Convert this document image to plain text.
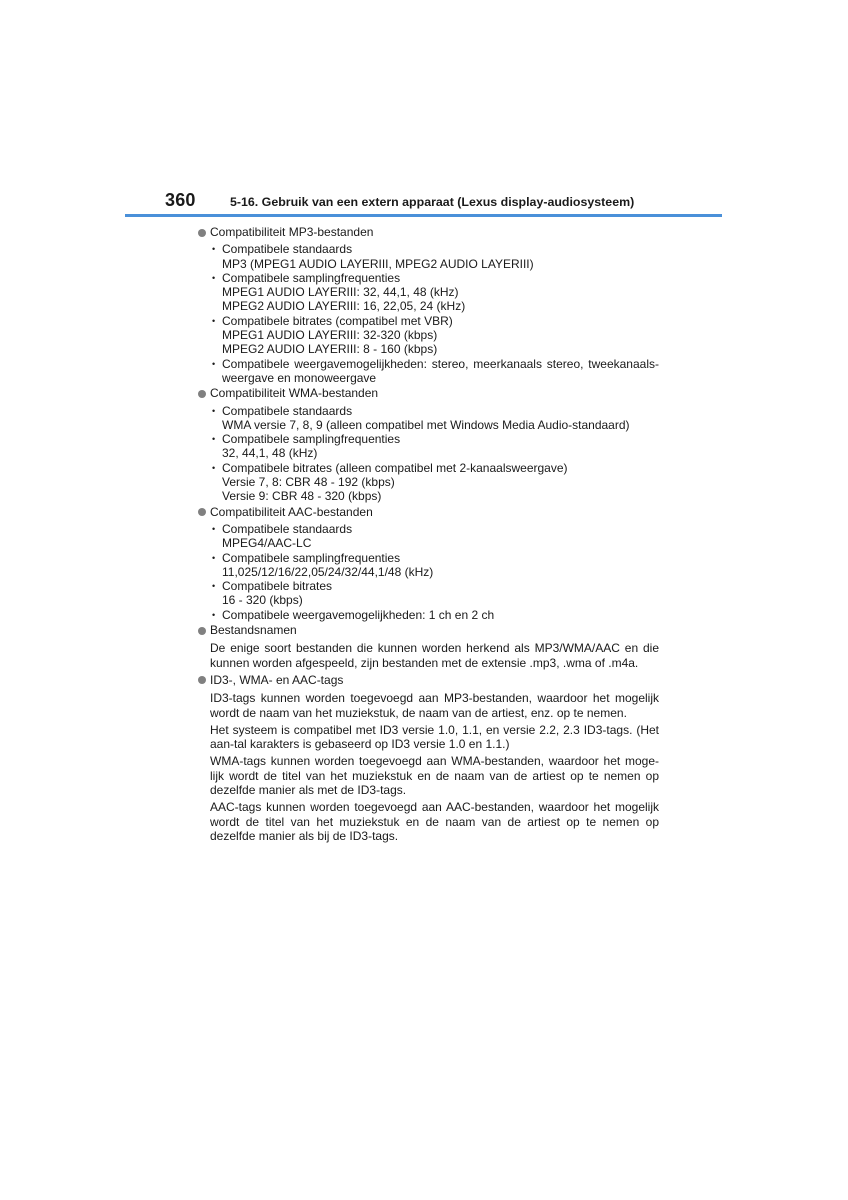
360	5-16. Gebruik van een extern apparaat (Lexus display-audiosysteem)
Compatibiliteit MP3-bestanden
• Compatibele standaards
MP3 (MPEG1 AUDIO LAYERIII, MPEG2 AUDIO LAYERIII)
• Compatibele samplingfrequenties
MPEG1 AUDIO LAYERIII: 32, 44,1, 48 (kHz)
MPEG2 AUDIO LAYERIII: 16, 22,05, 24 (kHz)
• Compatibele bitrates (compatibel met VBR)
MPEG1 AUDIO LAYERIII: 32-320 (kbps)
MPEG2 AUDIO LAYERIII: 8 - 160 (kbps)
• Compatibele weergavemogelijkheden: stereo, meerkanaals stereo, tweekanaals-weergave en monoweergave
Compatibiliteit WMA-bestanden
• Compatibele standaards
WMA versie 7, 8, 9 (alleen compatibel met Windows Media Audio-standaard)
• Compatibele samplingfrequenties
32, 44,1, 48 (kHz)
• Compatibele bitrates (alleen compatibel met 2-kanaalsweergave)
Versie 7, 8: CBR 48 - 192 (kbps)
Versie 9: CBR 48 - 320 (kbps)
Compatibiliteit AAC-bestanden
• Compatibele standaards
MPEG4/AAC-LC
• Compatibele samplingfrequenties
11,025/12/16/22,05/24/32/44,1/48 (kHz)
• Compatibele bitrates
16 - 320 (kbps)
• Compatibele weergavemogelijkheden: 1 ch en 2 ch
Bestandsnamen
De enige soort bestanden die kunnen worden herkend als MP3/WMA/AAC en die kunnen worden afgespeeld, zijn bestanden met de extensie .mp3, .wma of .m4a.
ID3-, WMA- en AAC-tags
ID3-tags kunnen worden toegevoegd aan MP3-bestanden, waardoor het mogelijk wordt de naam van het muziekstuk, de naam van de artiest, enz. op te nemen.
Het systeem is compatibel met ID3 versie 1.0, 1.1, en versie 2.2, 2.3 ID3-tags. (Het aan-tal karakters is gebaseerd op ID3 versie 1.0 en 1.1.)
WMA-tags kunnen worden toegevoegd aan WMA-bestanden, waardoor het moge-lijk wordt de titel van het muziekstuk en de naam van de artiest op te nemen op dezelfde manier als met de ID3-tags.
AAC-tags kunnen worden toegevoegd aan AAC-bestanden, waardoor het mogelijk wordt de titel van het muziekstuk en de naam van de artiest op te nemen op dezelfde manier als bij de ID3-tags.
